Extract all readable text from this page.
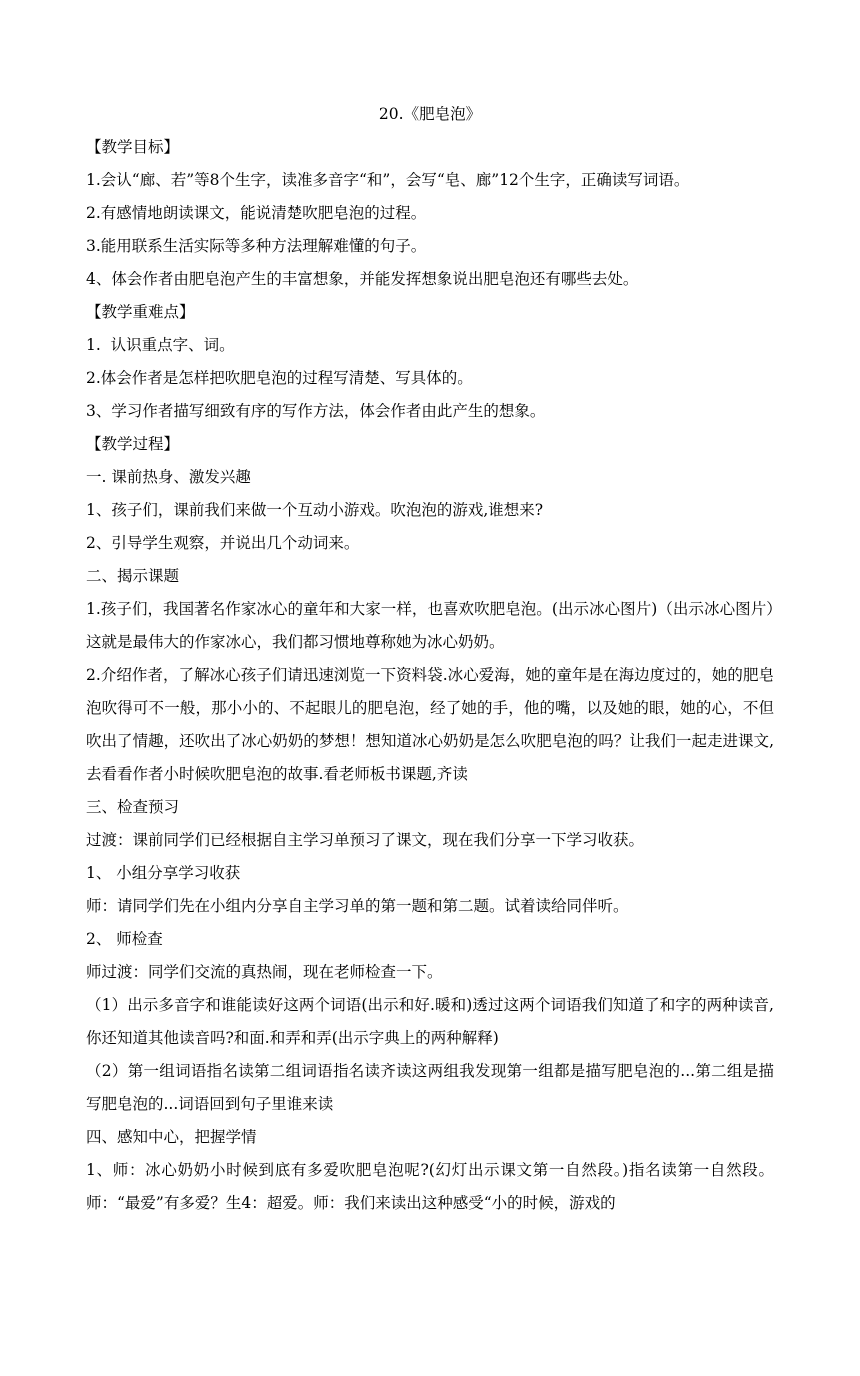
20.《肥皂泡》

【教学目标】

1.会认“廊、若”等8个生字，读准多音字“和”，会写“皂、廊”12个生字，正确读写词语。

2.有感情地朗读课文，能说清楚吹肥皂泡的过程。

3.能用联系生活实际等多种方法理解难懂的句子。

4、体会作者由肥皂泡产生的丰富想象，并能发挥想象说出肥皂泡还有哪些去处。

【教学重难点】

1.  认识重点字、词。

2.体会作者是怎样把吹肥皂泡的过程写清楚、写具体的。

3、学习作者描写细致有序的写作方法，体会作者由此产生的想象。

【教学过程】

一. 课前热身、激发兴趣

1、孩子们，课前我们来做一个互动小游戏。吹泡泡的游戏,谁想来?

2、引导学生观察，并说出几个动词来。

二、揭示课题

1.孩子们，我国著名作家冰心的童年和大家一样，也喜欢吹肥皂泡。(出示冰心图片)（出示冰心图片）这就是最伟大的作家冰心，我们都习惯地尊称她为冰心奶奶。

2.介绍作者，了解冰心孩子们请迅速浏览一下资料袋.冰心爱海，她的童年是在海边度过的，她的肥皂泡吹得可不一般，那小小的、不起眼儿的肥皂泡，经了她的手，他的嘴，以及她的眼，她的心，不但吹出了情趣，还吹出了冰心奶奶的梦想！想知道冰心奶奶是怎么吹肥皂泡的吗？让我们一起走进课文,去看看作者小时候吹肥皂泡的故事.看老师板书课题,齐读

三、检查预习

过渡：课前同学们已经根据自主学习单预习了课文，现在我们分享一下学习收获。

1、 小组分享学习收获

师：请同学们先在小组内分享自主学习单的第一题和第二题。试着读给同伴听。

2、 师检查

师过渡：同学们交流的真热闹，现在老师检查一下。

（1）出示多音字和谁能读好这两个词语(出示和好.暖和)透过这两个词语我们知道了和字的两种读音,你还知道其他读音吗?和面.和弄和弄(出示字典上的两种解释)

（2）第一组词语指名读第二组词语指名读齐读这两组我发现第一组都是描写肥皂泡的...第二组是描写肥皂泡的...词语回到句子里谁来读

四、感知中心，把握学情

1、师：冰心奶奶小时候到底有多爱吹肥皂泡呢?(幻灯出示课文第一自然段。)指名读第一自然段。师：“最爱”有多爱？生4：超爱。师：我们来读出这种感受“小的时候，游戏的
